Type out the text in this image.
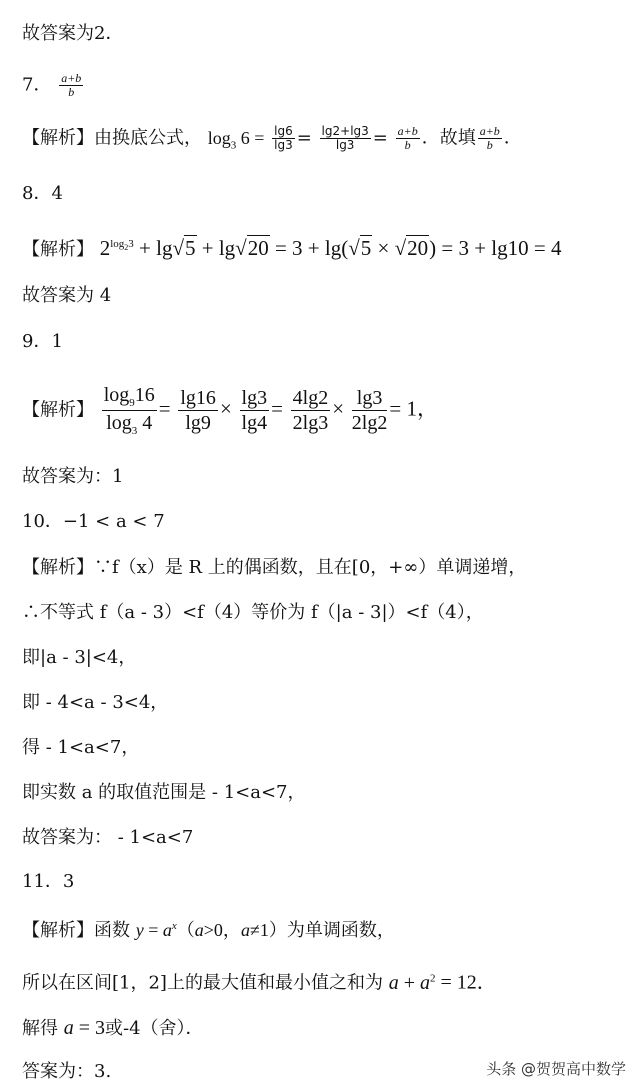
故答案为2．
7． $\frac{a+b}{b}$
【解析】由换底公式， $\log_3 6 = \frac{\lg 6}{\lg 3} = \frac{\lg 2+\lg 3}{\lg 3} = \frac{a+b}{b}$ ．故填 $\frac{a+b}{b}$ ．
8．4
【解析】 $2^{log_23} + \lg√5 + \lg√20 = 3 + \lg(√5 \times √20) = 3 + \lg 10 = 4$
故答案为 4
9．1
【解析】 $\frac{\log_916}{\log_3 4} = \frac{\lg 16}{\lg 9} \times \frac{\lg 3}{\lg 4} = \frac{4\lg 2}{2\lg 3} \times \frac{\lg 3}{2\lg 2} = 1$，
故答案为：1
10．−1 < a < 7
【解析】∵f（x）是 R 上的偶函数，且在[0，+∞）单调递增，
∴不等式 f（a - 3）<f（4）等价为 f（|a - 3|）<f（4），
即|a - 3|<4，
即 - 4<a - 3<4，
得 - 1<a<7，
即实数 a 的取值范围是 - 1<a<7，
故答案为： - 1<a<7
11．3
【解析】函数 $y = a^x(a>0$，a≠1）为单调函数，
所以在区间[1，2]上的最大值和最小值之和为 $a + a^2 = 12$．
解得 a = 3或-4（舍）．
答案为：3.	头条 @贺贺高中数学
